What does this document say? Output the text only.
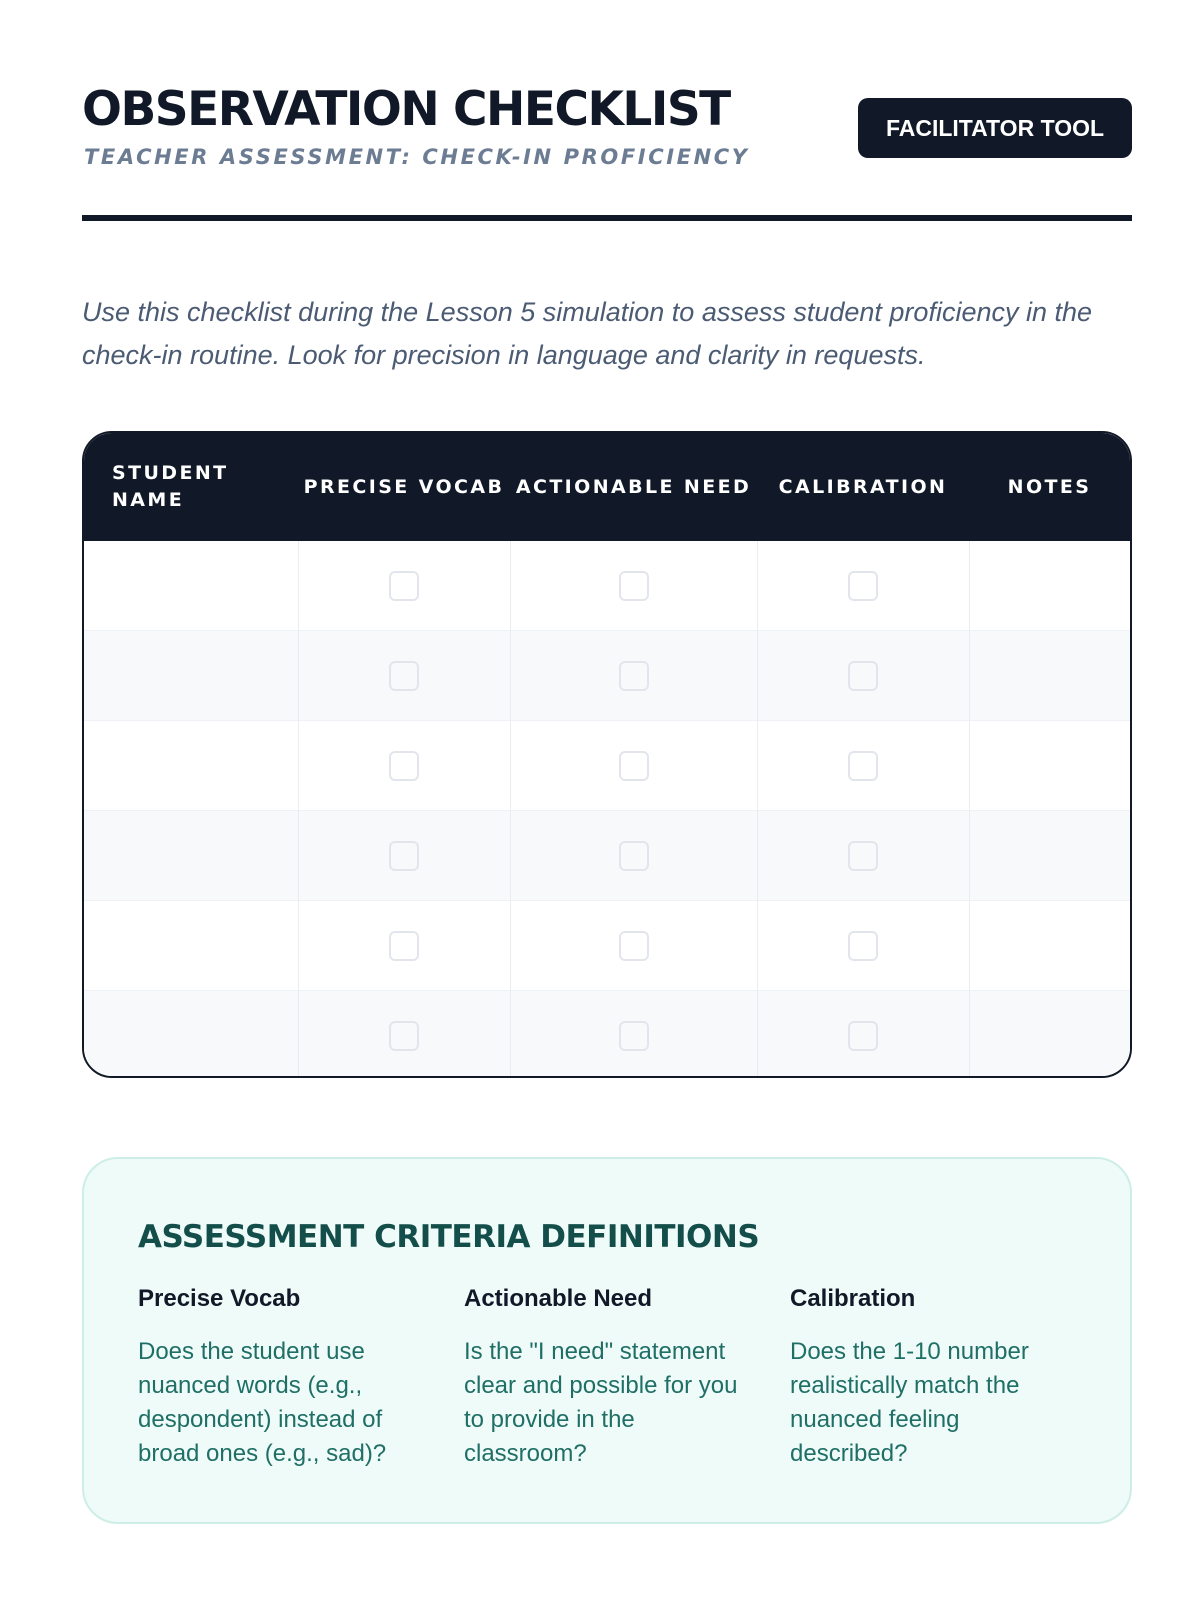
OBSERVATION CHECKLIST

TEACHER ASSESSMENT: CHECK-IN PROFICIENCY

FACILITATOR TOOL

Use this checklist during the Lesson 5 simulation to assess student proficiency in the check-in routine. Look for precision in language and clarity in requests.

STUDENT NAME	PRECISE VOCAB	ACTIONABLE NEED	CALIBRATION	NOTES

ASSESSMENT CRITERIA DEFINITIONS
Precise Vocab

Does the student use nuanced words (e.g., despondent) instead of broad ones (e.g., sad)?

Actionable Need

Is the "I need" statement clear and possible for you to provide in the classroom?

Calibration

Does the 1-10 number realistically match the nuanced feeling described?
